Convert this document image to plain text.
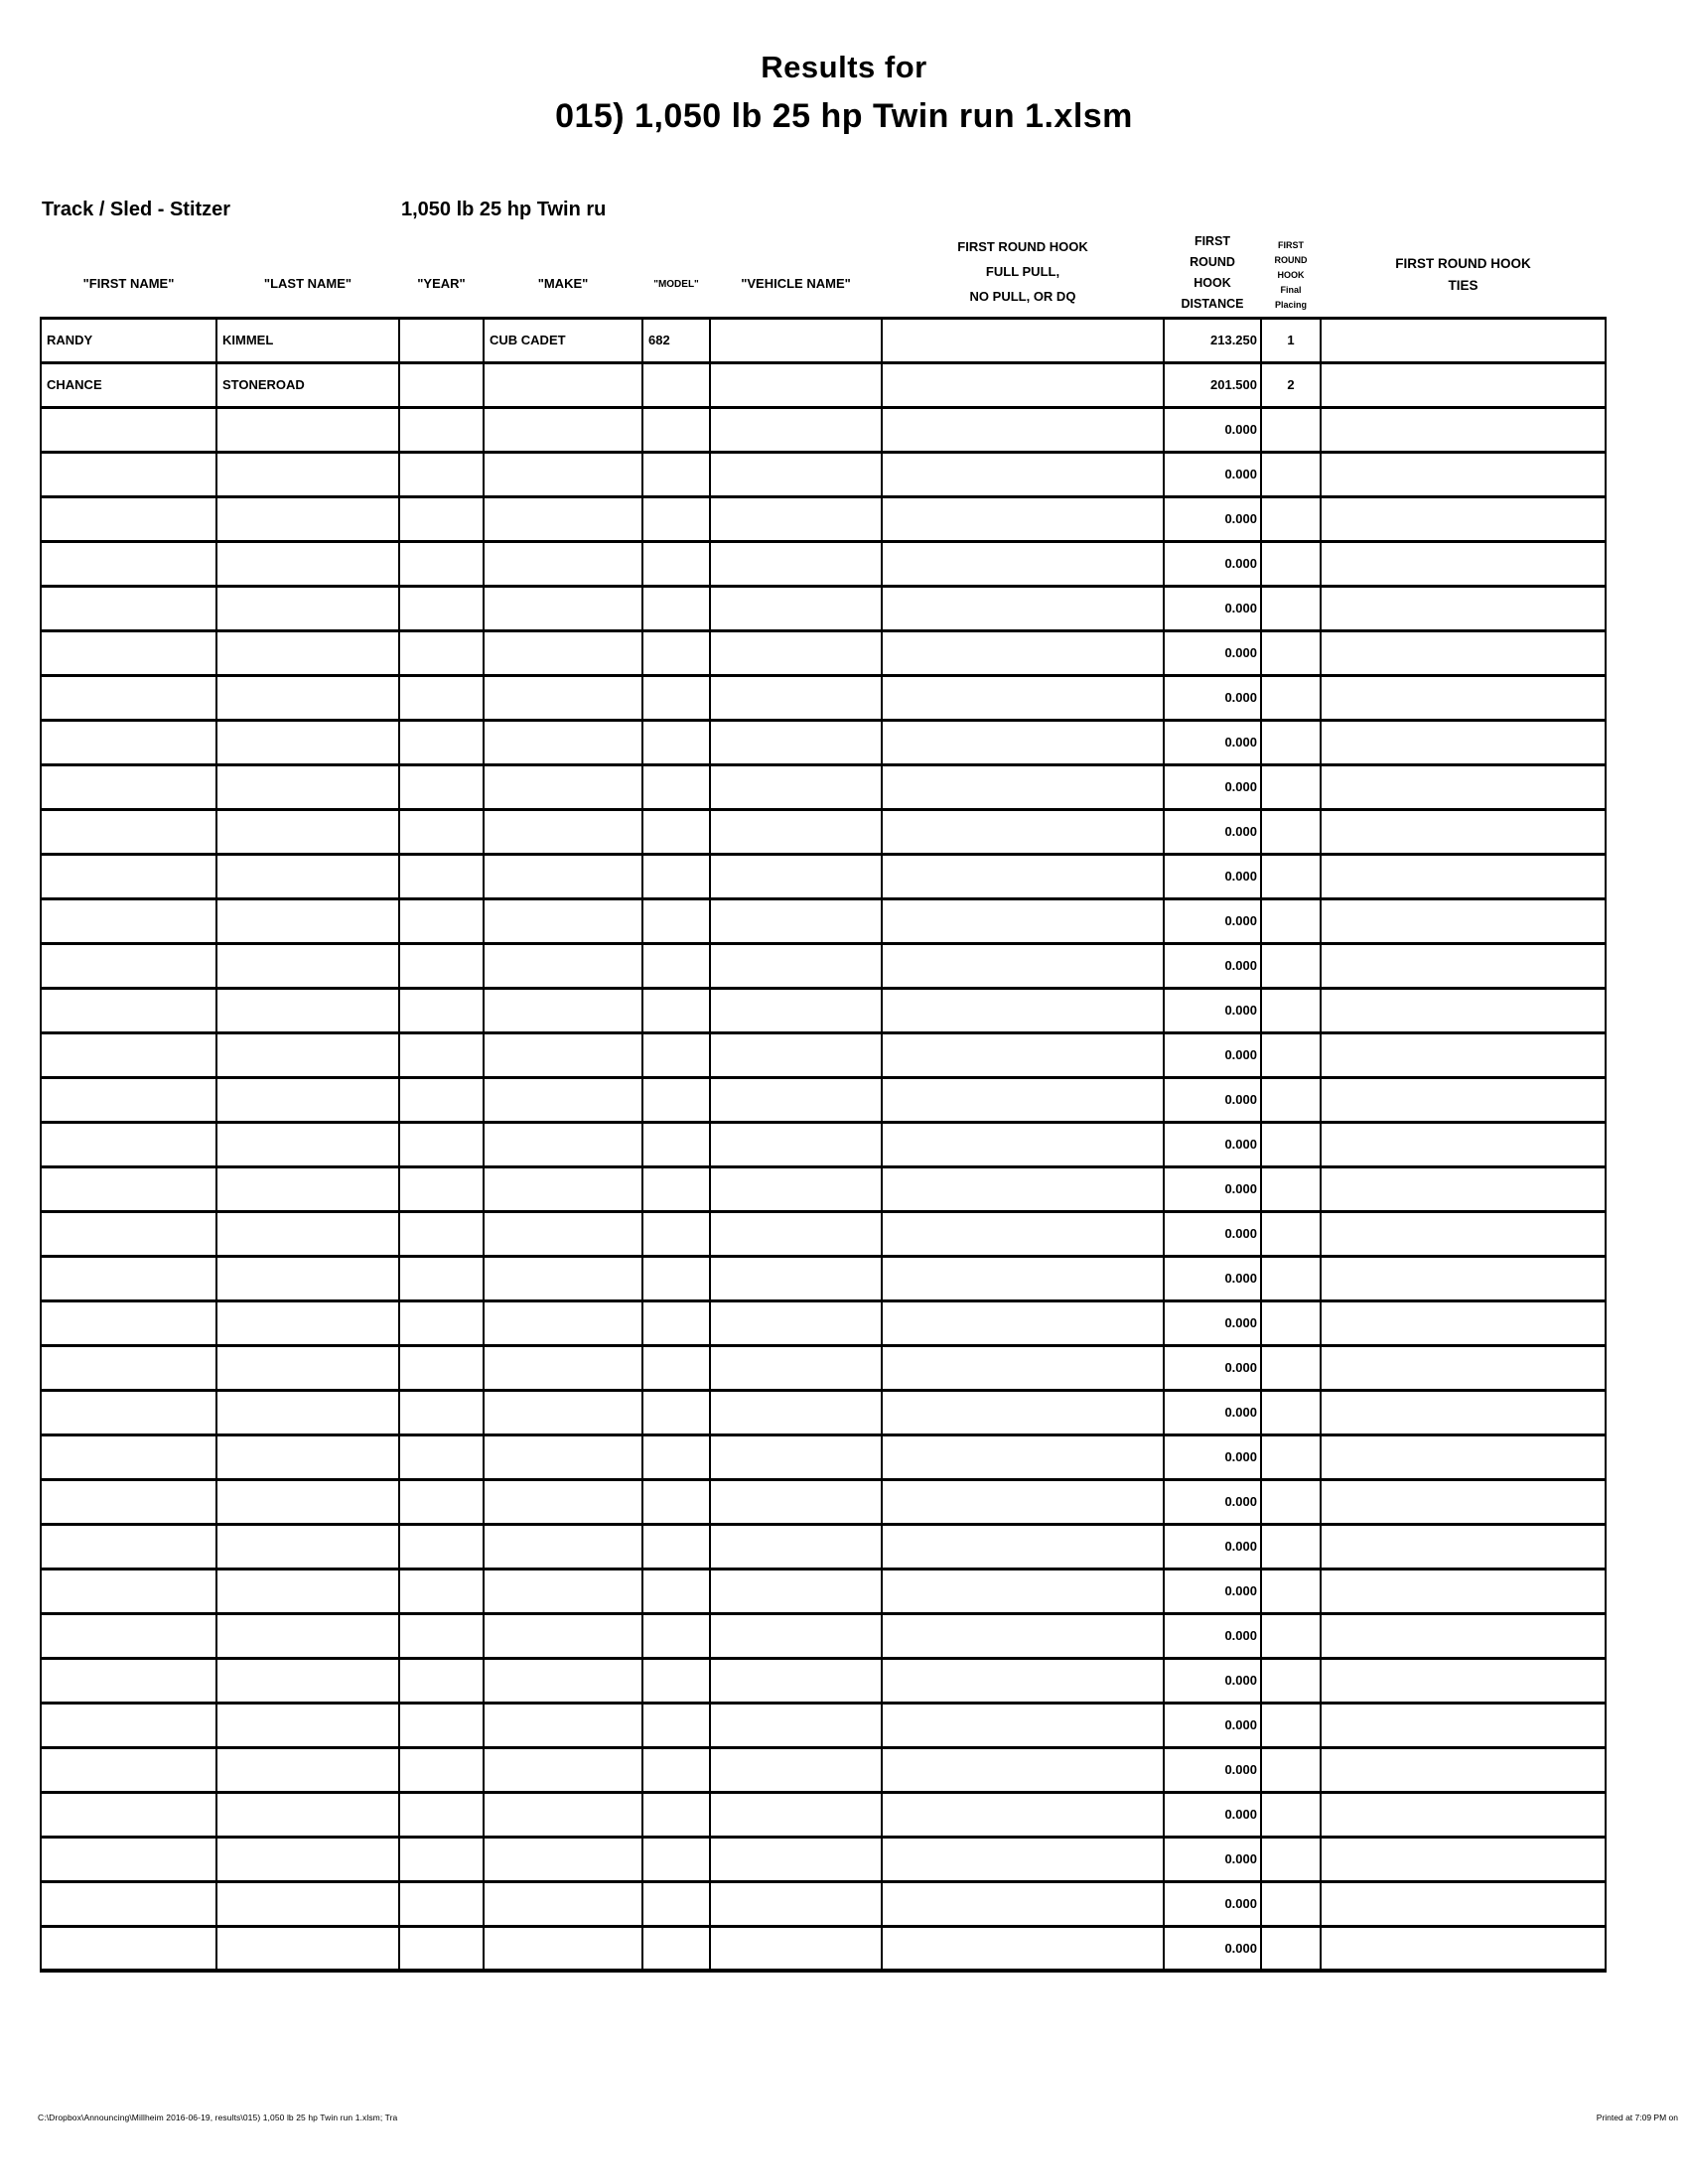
Results for
015) 1,050 lb 25 hp Twin run 1.xlsm
Track / Sled - Stitzer	1,050 lb 25 hp Twin ru
"FIRST NAME"	"LAST NAME"	"YEAR"	"MAKE"	"MODEL"	"VEHICLE NAME"	FIRST ROUND HOOK
FULL PULL,
NO PULL, OR DQ	FIRST
ROUND
HOOK
DISTANCE	FIRST
ROUND
HOOK
Final
Placing	FIRST ROUND HOOK
TIES

RANDY	KIMMEL		CUB CADET	682			213.250	1	
CHANCE	STONEROAD						201.500	2	
							0.000		
							0.000		
							0.000		
							0.000		
							0.000		
							0.000		
							0.000		
							0.000		
							0.000		
							0.000		
							0.000		
							0.000		
							0.000		
							0.000		
							0.000		
							0.000		
							0.000		
							0.000		
							0.000		
							0.000		
							0.000		
							0.000		
							0.000		
							0.000		
							0.000		
							0.000		
							0.000		
							0.000		
							0.000		
							0.000		
							0.000		
							0.000		
							0.000		
							0.000		
							0.000		
C:\Dropbox\Announcing\Millheim 2016-06-19, results\015) 1,050 lb 25 hp Twin run 1.xlsm; Tra	Printed at 7:09 PM on
